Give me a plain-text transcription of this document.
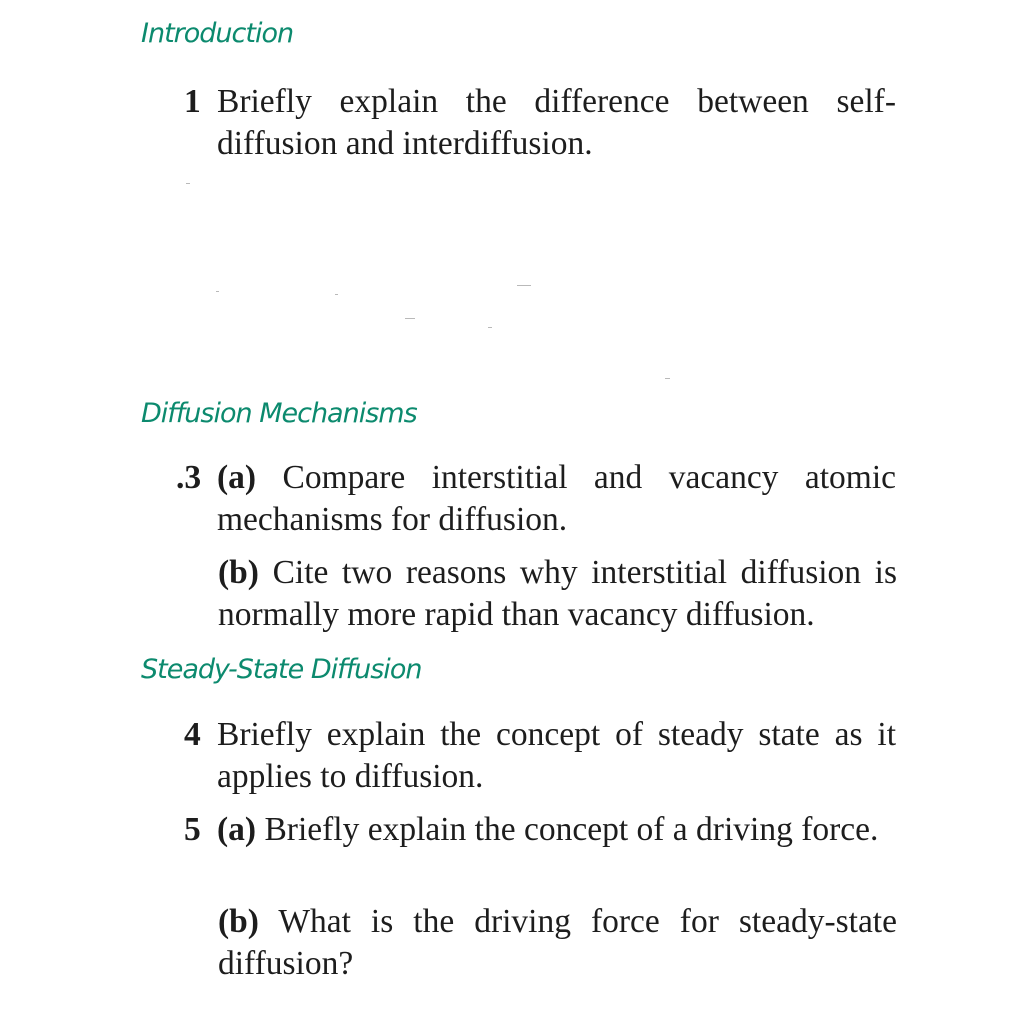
Introduction
1 Briefly explain the difference between self-diffusion and interdiffusion.
Diffusion Mechanisms
.3 (a) Compare interstitial and vacancy atomic mechanisms for diffusion.
(b) Cite two reasons why interstitial diffusion is normally more rapid than vacancy diffusion.
Steady-State Diffusion
4 Briefly explain the concept of steady state as it applies to diffusion.
5 (a) Briefly explain the concept of a driving force.
(b) What is the driving force for steady-state diffusion?
